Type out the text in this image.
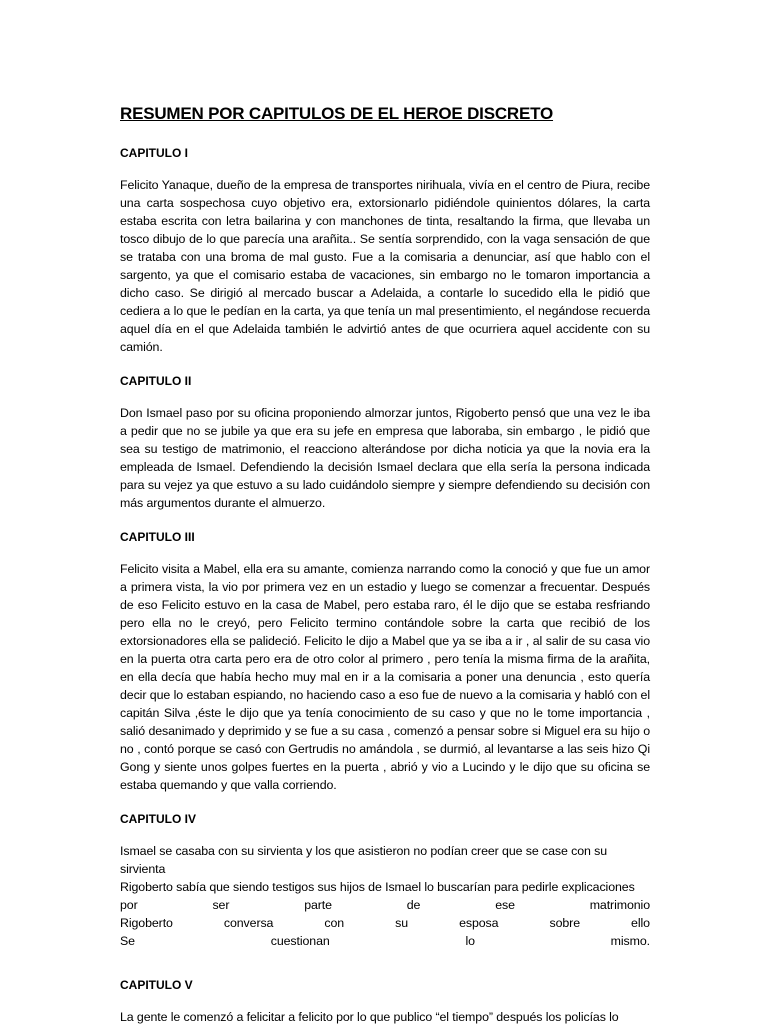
RESUMEN POR CAPITULOS DE EL HEROE DISCRETO
CAPITULO I
Felicito Yanaque, dueño de la empresa de transportes nirihuala, vivía en el centro de Piura, recibe una carta sospechosa cuyo objetivo era, extorsionarlo pidiéndole quinientos dólares, la carta estaba escrita con letra bailarina y con manchones de tinta, resaltando la firma, que llevaba un tosco dibujo de lo que parecía una arañita.. Se sentía sorprendido, con la vaga sensación de que se trataba con una broma de mal gusto. Fue a la comisaria a denunciar, así que hablo con el sargento, ya que el comisario estaba de vacaciones, sin embargo no le tomaron importancia a dicho caso. Se dirigió al mercado buscar a Adelaida, a contarle lo sucedido ella le pidió que cediera a lo que le pedían en la carta, ya que tenía un mal presentimiento, el negándose recuerda aquel día en el que Adelaida también le advirtió antes de que ocurriera aquel accidente con su camión.
CAPITULO II
Don Ismael paso por su oficina proponiendo almorzar juntos, Rigoberto pensó que una vez le iba a pedir que no se jubile ya que era su jefe en empresa que laboraba, sin embargo , le pidió que sea su testigo de matrimonio, el reacciono alterándose por dicha noticia ya que la novia era la empleada de Ismael. Defendiendo la decisión Ismael declara que ella sería la persona indicada para su vejez ya que estuvo a su lado cuidándolo siempre y siempre defendiendo su decisión con más argumentos durante el almuerzo.
CAPITULO III
Felicito visita a Mabel, ella era su amante, comienza narrando como la conoció y que fue un amor a primera vista, la vio por primera vez en un estadio y luego se comenzar a frecuentar. Después de eso Felicito estuvo en la casa de Mabel, pero estaba raro, él le dijo que se estaba resfriando pero ella no le creyó, pero Felicito termino contándole sobre la carta que recibió de los extorsionadores ella se palideció. Felicito le dijo a Mabel que ya se iba a ir , al salir de su casa vio en la puerta otra carta pero era de otro color al primero , pero tenía la misma firma de la arañita, en ella decía que había hecho muy mal en ir a la comisaria a poner una denuncia , esto quería decir que lo estaban espiando, no haciendo caso a eso fue de nuevo a la comisaria y habló con el capitán Silva ,éste le dijo que ya tenía conocimiento de su caso y que no le tome importancia , salió desanimado y deprimido y se fue a su casa , comenzó a pensar sobre si Miguel era su hijo o no , contó porque se casó con Gertrudis no amándola , se durmió, al levantarse a las seis hizo Qi Gong y siente unos golpes fuertes en la puerta , abrió y vio a Lucindo y le dijo que su oficina se estaba quemando y que valla corriendo.
CAPITULO IV
Ismael se casaba con su sirvienta y los que asistieron no podían creer que se case con su sirvienta
Rigoberto sabía que siendo testigos sus hijos de Ismael lo buscarían para pedirle explicaciones
por	ser	parte	de	ese	matrimonio
Rigoberto	conversa	con	su	esposa	sobre	ello
Se	cuestionan	lo	mismo.
CAPITULO V
La gente le comenzó a felicitar a felicito por lo que publico “el tiempo” después los policías lo
